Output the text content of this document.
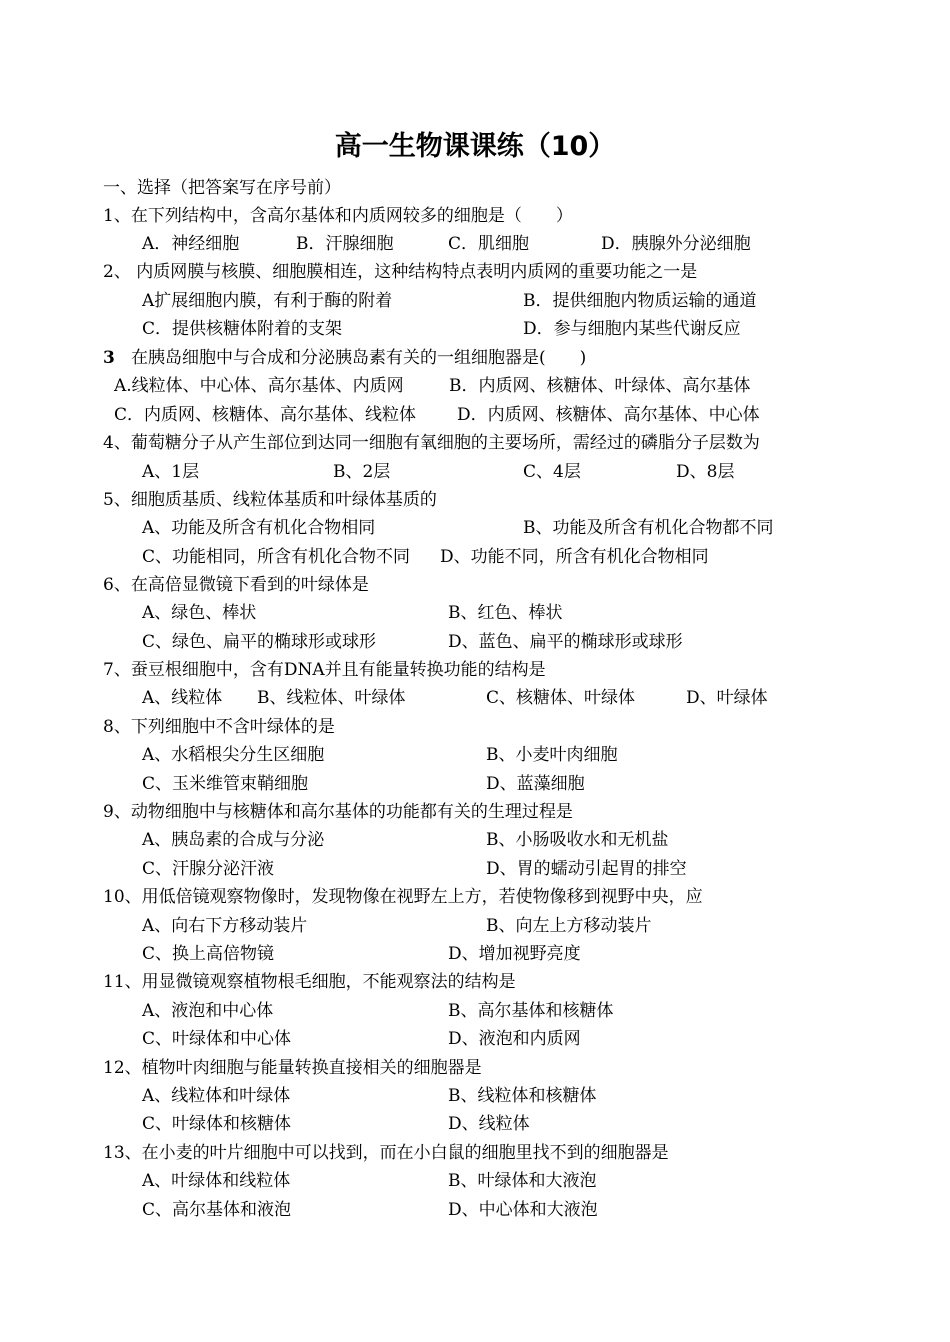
高一生物课课练（10）
一、选择（把答案写在序号前）
1、在下列结构中，含高尔基体和内质网较多的细胞是（　　）
A．神经细胞	B．汗腺细胞	C．肌细胞	D．胰腺外分泌细胞
2、 内质网膜与核膜、细胞膜相连，这种结构特点表明内质网的重要功能之一是
A扩展细胞内膜，有利于酶的附着	B．提供细胞内物质运输的通道
C．提供核糖体附着的支架	D．参与细胞内某些代谢反应
3 在胰岛细胞中与合成和分泌胰岛素有关的一组细胞器是(　　)
A.线粒体、中心体、高尔基体、内质网	B．内质网、核糖体、叶绿体、高尔基体
C．内质网、核糖体、高尔基体、线粒体 D．内质网、核糖体、高尔基体、中心体
4、葡萄糖分子从产生部位到达同一细胞有氧细胞的主要场所，需经过的磷脂分子层数为
A、1层	B、2层	C、4层	D、8层
5、细胞质基质、线粒体基质和叶绿体基质的
A、功能及所含有机化合物相同	B、功能及所含有机化合物都不同
C、功能相同，所含有机化合物不同 D、功能不同，所含有机化合物相同
6、在高倍显微镜下看到的叶绿体是
A、绿色、棒状	B、红色、棒状
C、绿色、扁平的椭球形或球形	D、蓝色、扁平的椭球形或球形
7、蚕豆根细胞中，含有DNA并且有能量转换功能的结构是
A、线粒体 B、线粒体、叶绿体	C、核糖体、叶绿体	D、叶绿体
8、下列细胞中不含叶绿体的是
A、水稻根尖分生区细胞	B、小麦叶肉细胞
C、玉米维管束鞘细胞	D、蓝藻细胞
9、动物细胞中与核糖体和高尔基体的功能都有关的生理过程是
A、胰岛素的合成与分泌	B、小肠吸收水和无机盐
C、汗腺分泌汗液	D、胃的蠕动引起胃的排空
10、用低倍镜观察物像时，发现物像在视野左上方，若使物像移到视野中央，应
A、向右下方移动装片	B、向左上方移动装片
C、换上高倍物镜	D、增加视野亮度
11、用显微镜观察植物根毛细胞，不能观察法的结构是
A、液泡和中心体	B、高尔基体和核糖体
C、叶绿体和中心体	D、液泡和内质网
12、植物叶肉细胞与能量转换直接相关的细胞器是
A、线粒体和叶绿体	B、线粒体和核糖体
C、叶绿体和核糖体	D、线粒体
13、在小麦的叶片细胞中可以找到，而在小白鼠的细胞里找不到的细胞器是
A、叶绿体和线粒体	B、叶绿体和大液泡
C、高尔基体和液泡	D、中心体和大液泡
